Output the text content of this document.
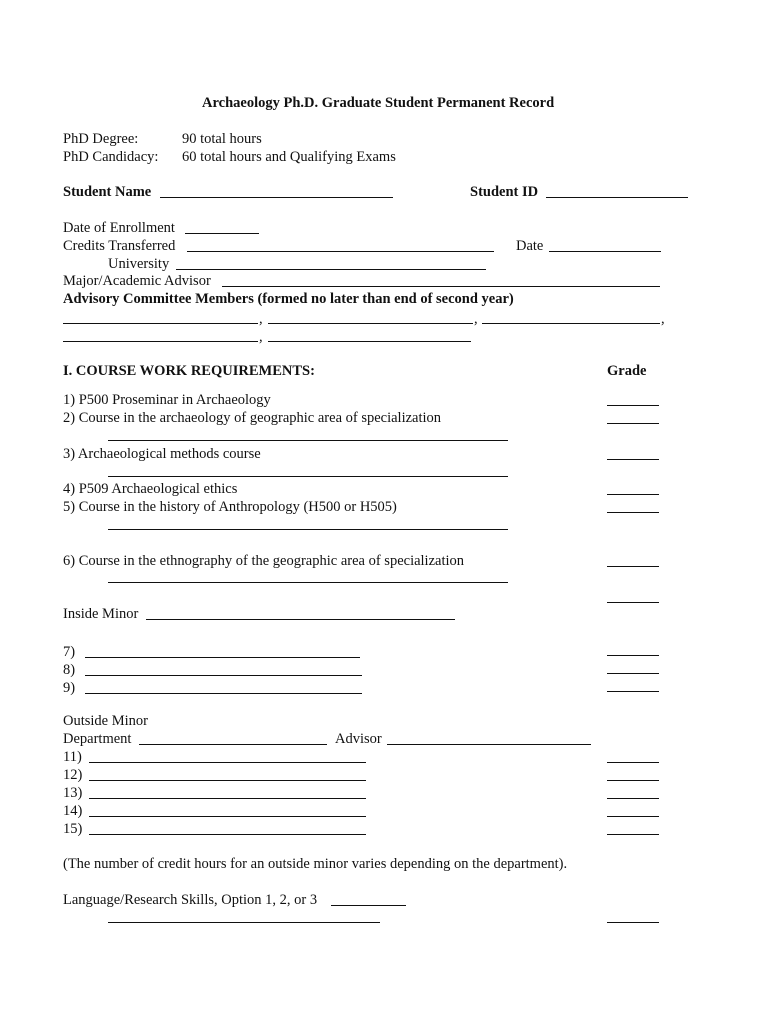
Archaeology Ph.D. Graduate Student Permanent Record
PhD Degree:	90 total hours
PhD Candidacy: 60 total hours and Qualifying Exams
Student Name	Student ID
Date of Enrollment
Credits Transferred	Date
University
Major/Academic Advisor
Advisory Committee Members (formed no later than end of second year)
,	,	,
,
I. COURSE WORK REQUIREMENTS:	Grade
1) P500 Proseminar in Archaeology
2) Course in the archaeology of geographic area of specialization
3) Archaeological methods course
4) P509 Archaeological ethics
5) Course in the history of Anthropology (H500 or H505)
6) Course in the ethnography of the geographic area of specialization
Inside Minor
7)
8)
9)
Outside Minor
Department	Advisor
11)
12)
13)
14)
15)
(The number of credit hours for an outside minor varies depending on the department).
Language/Research Skills, Option 1, 2, or 3
